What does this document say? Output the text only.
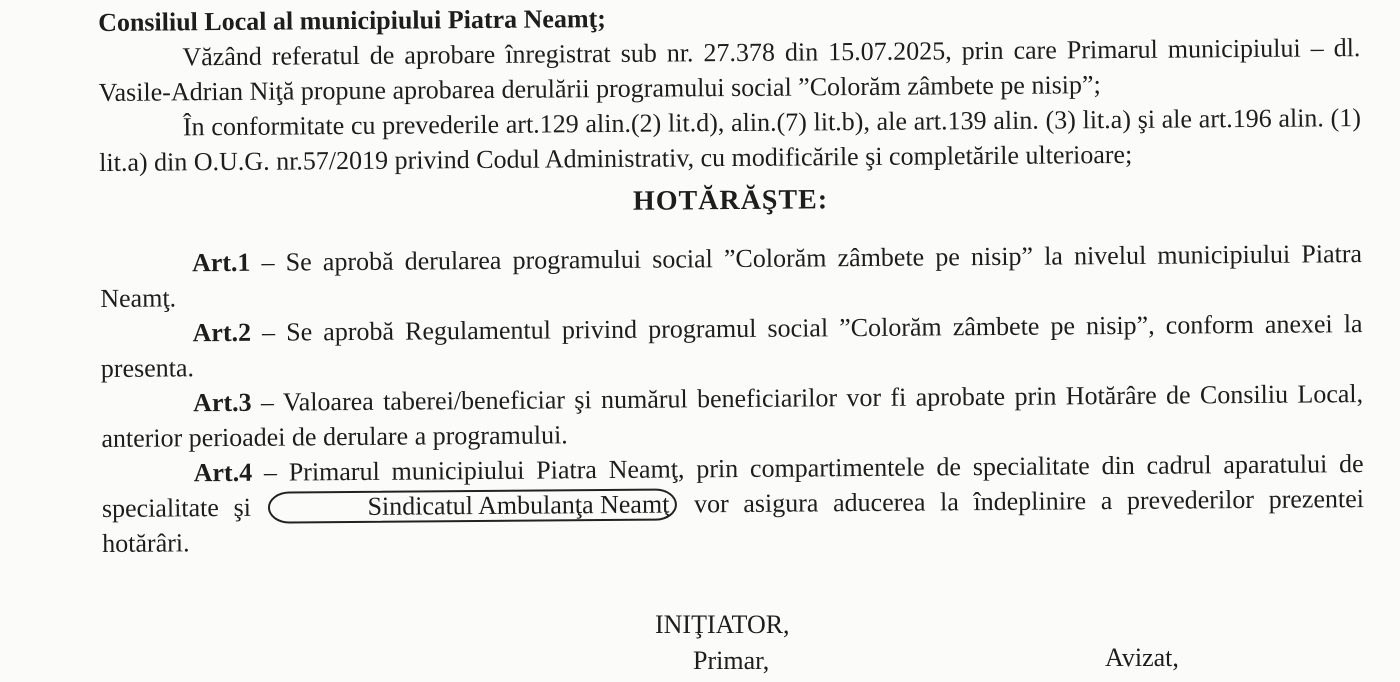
Consiliul Local al municipiului Piatra Neamţ;

Văzând referatul de aprobare înregistrat sub nr. 27.378 din 15.07.2025, prin care Primarul municipiului – dl. Vasile-Adrian Niţă propune aprobarea derulării programului social ”Colorăm zâmbete pe nisip”;

În conformitate cu prevederile art.129 alin.(2) lit.d), alin.(7) lit.b), ale art.139 alin. (3) lit.a) şi ale art.196 alin. (1) lit.a) din O.U.G. nr.57/2019 privind Codul Administrativ, cu modificările şi completările ulterioare;

HOTĂRĂŞTE:

Art.1 – Se aprobă derularea programului social ”Colorăm zâmbete pe nisip” la nivelul municipiului Piatra Neamţ.

Art.2 – Se aprobă Regulamentul privind programul social ”Colorăm zâmbete pe nisip”, conform anexei la presenta.

Art.3 – Valoarea taberei/beneficiar şi numărul beneficiarilor vor fi aprobate prin Hotărâre de Consiliu Local, anterior perioadei de derulare a programului.

Art.4 – Primarul municipiului Piatra Neamţ, prin compartimentele de specialitate din cadrul aparatului de specialitate şi	Sindicatul Ambulanţa Neamţ vor asigura aducerea la îndeplinire a prevederilor prezentei hotărâri.

INIŢIATOR,
Primar,	Avizat,
